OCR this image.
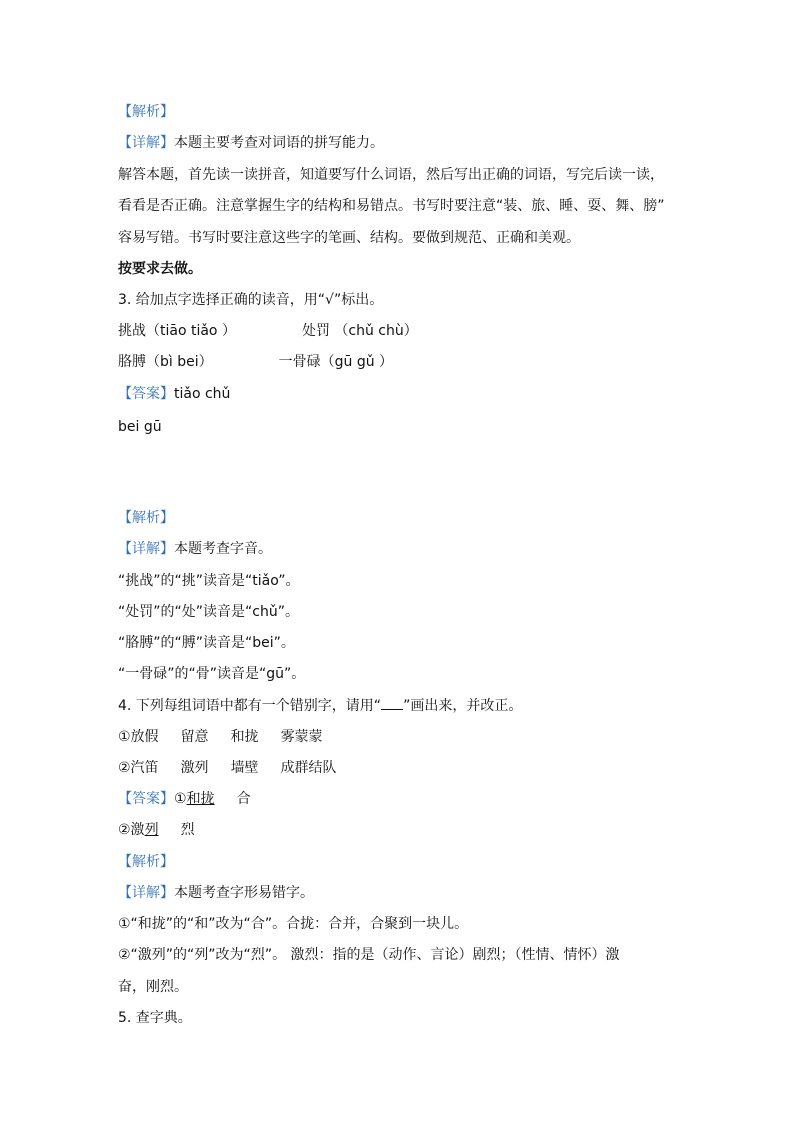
【解析】
【详解】本题主要考查对词语的拼写能力。
解答本题，首先读一读拼音，知道要写什么词语，然后写出正确的词语，写完后读一读，
看看是否正确。注意掌握生字的结构和易错点。书写时要注意“装、旅、睡、耍、舞、膀”
容易写错。书写时要注意这些字的笔画、结构。要做到规范、正确和美观。
按要求去做。
3. 给加点字选择正确的读音，用“√”标出。
挑战（tiāo tiǎo ）	处罚 （chǔ chù）
胳膊（bì bei）	一骨碌（gū gǔ ）
【答案】tiǎo chǔ
bei gū
【解析】
【详解】本题考查字音。
“挑战”的“挑”读音是“tiǎo”。
“处罚”的“处”读音是“chǔ”。
“胳膊”的“膊”读音是“bei”。
“一骨碌”的“骨”读音是“gū”。
4. 下列每组词语中都有一个错别字，请用“ ”画出来，并改正。
①放假 留意 和拢 雾蒙蒙
②汽笛 激列 墙壁 成群结队
【答案】①和拢 合
②激列 烈
【解析】
【详解】本题考查字形易错字。
①“和拢”的“和”改为“合”。合拢：合并，合聚到一块儿。
②“激列”的“列”改为“烈”。 激烈：指的是（动作、言论）剧烈；（性情、情怀）激
奋，刚烈。
5. 查字典。
